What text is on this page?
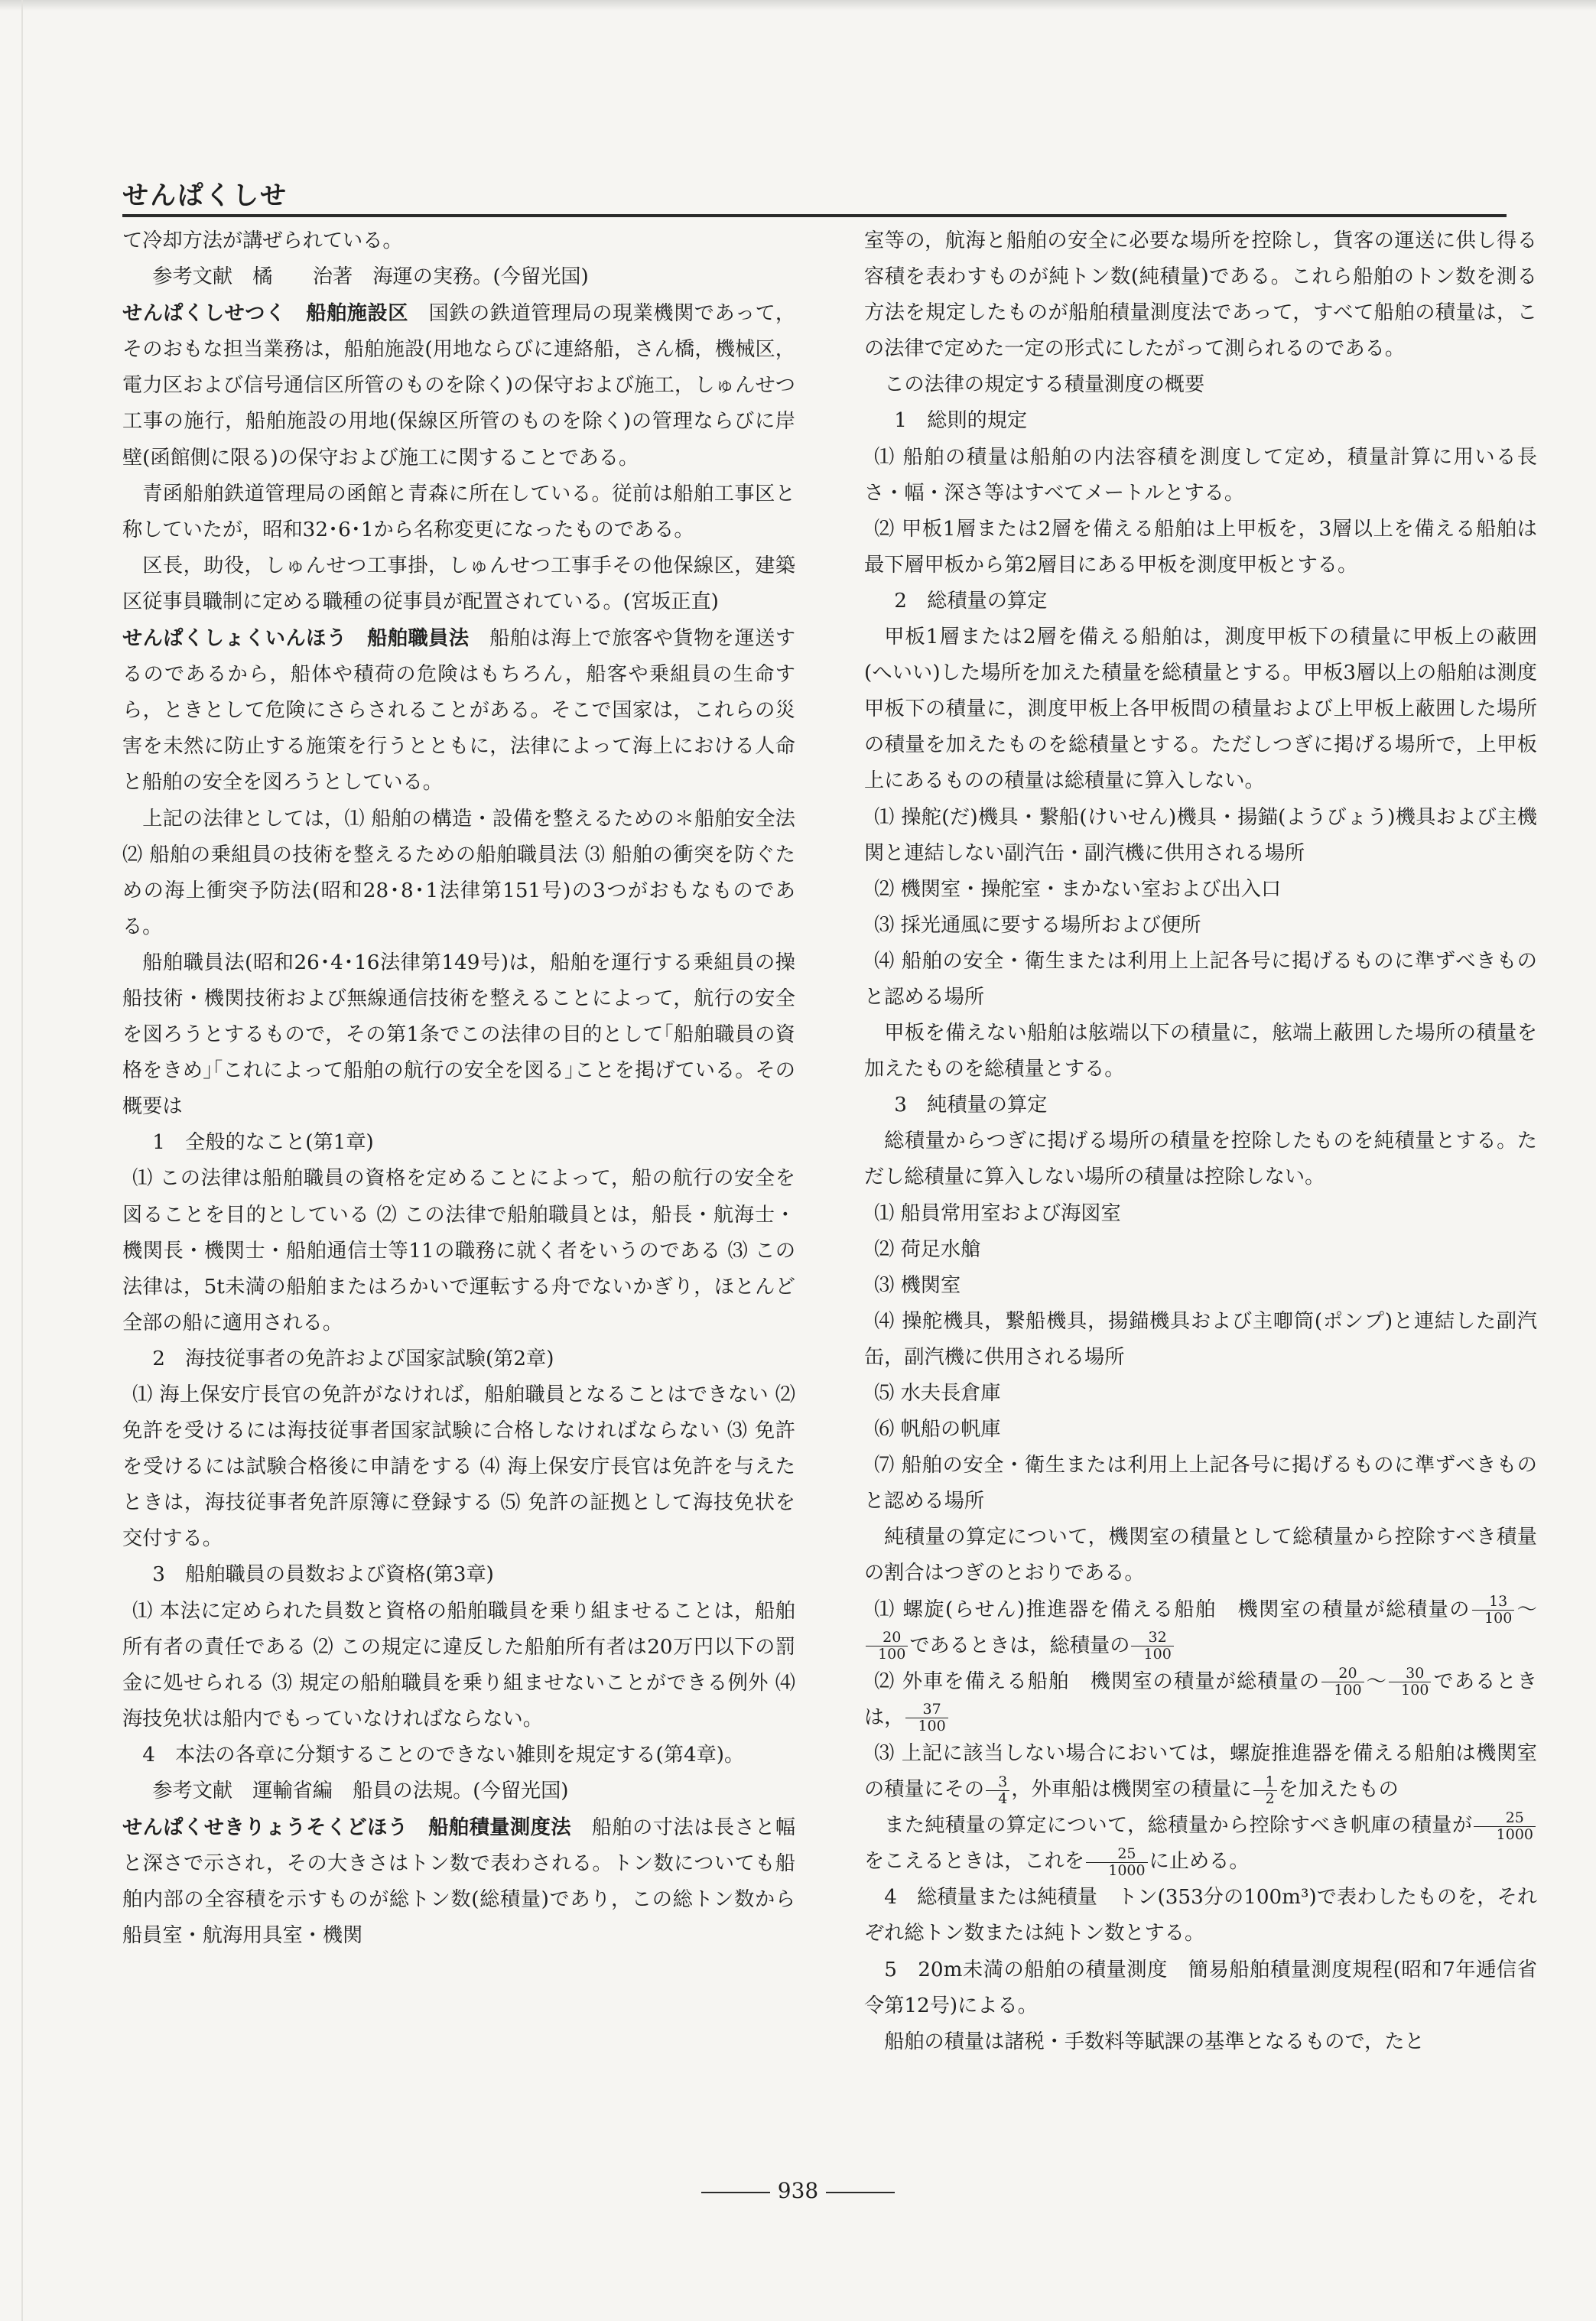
せんぱくしせ

て冷却方法が講ぜられている。

参考文献　橘　　治著　海運の実務。(今留光国)

せんぱくしせつく　 船舶施設区　 国鉄の鉄道管理局の現業機関であって，そのおもな担当業務は，船舶施設(用地ならびに連絡船，さん橋，機械区，電力区および信号通信区所管のものを除く)の保守および施工，しゅんせつ工事の施行，船舶施設の用地(保線区所管のものを除く)の管理ならびに岸壁(函館側に限る)の保守および施工に関することである。

青函船舶鉄道管理局の函館と青森に所在している。従前は船舶工事区と称していたが，昭和32･6･1から名称変更になったものである。

区長，助役，しゅんせつ工事掛，しゅんせつ工事手その他保線区，建築区従事員職制に定める職種の従事員が配置されている。(宮坂正直)

せんぱくしょくいんほう　 船舶職員法　 船舶は海上で旅客や貨物を運送するのであるから，船体や積荷の危険はもちろん，船客や乗組員の生命すら，ときとして危険にさらされることがある。そこで国家は，これらの災害を未然に防止する施策を行うとともに，法律によって海上における人命と船舶の安全を図ろうとしている。

上記の法律としては，⑴ 船舶の構造・設備を整えるための＊船舶安全法 ⑵ 船舶の乗組員の技術を整えるための船舶職員法 ⑶ 船舶の衝突を防ぐための海上衝突予防法(昭和28･8･1法律第151号)の3つがおもなものである。

船舶職員法(昭和26･4･16法律第149号)は，船舶を運行する乗組員の操船技術・機関技術および無線通信技術を整えることによって，航行の安全を図ろうとするもので，その第1条でこの法律の目的として｢船舶職員の資格をきめ｣｢これによって船舶の航行の安全を図る｣ことを掲げている。その概要は

1　全般的なこと(第1章)

⑴ この法律は船舶職員の資格を定めることによって，船の航行の安全を図ることを目的としている ⑵ この法律で船舶職員とは，船長・航海士・機関長・機関士・船舶通信士等11の職務に就く者をいうのである ⑶ この法律は，5t未満の船舶またはろかいで運転する舟でないかぎり，ほとんど全部の船に適用される。

2　海技従事者の免許および国家試験(第2章)

⑴ 海上保安庁長官の免許がなければ，船舶職員となることはできない ⑵ 免許を受けるには海技従事者国家試験に合格しなければならない ⑶ 免許を受けるには試験合格後に申請をする ⑷ 海上保安庁長官は免許を与えたときは，海技従事者免許原簿に登録する ⑸ 免許の証拠として海技免状を交付する。

3　船舶職員の員数および資格(第3章)

⑴ 本法に定められた員数と資格の船舶職員を乗り組ませることは，船舶所有者の責任である ⑵ この規定に違反した船舶所有者は20万円以下の罰金に処せられる ⑶ 規定の船舶職員を乗り組ませないことができる例外 ⑷ 海技免状は船内でもっていなければならない。

4　本法の各章に分類することのできない雑則を規定する(第4章)。

参考文献　運輸省編　船員の法規。(今留光国)

せんぱくせきりょうそくどほう　 船舶積量測度法　 船舶の寸法は長さと幅と深さで示され，その大きさはトン数で表わされる。トン数についても船舶内部の全容積を示すものが総トン数(総積量)であり，この総トン数から船員室・航海用具室・機関

室等の，航海と船舶の安全に必要な場所を控除し，貨客の運送に供し得る容積を表わすものが純トン数(純積量)である。これら船舶のトン数を測る方法を規定したものが船舶積量測度法であって，すべて船舶の積量は，この法律で定めた一定の形式にしたがって測られるのである。

この法律の規定する積量測度の概要

1　総則的規定

⑴ 船舶の積量は船舶の内法容積を測度して定め，積量計算に用いる長さ・幅・深さ等はすべてメートルとする。

⑵ 甲板1層または2層を備える船舶は上甲板を，3層以上を備える船舶は最下層甲板から第2層目にある甲板を測度甲板とする。

2　総積量の算定

甲板1層または2層を備える船舶は，測度甲板下の積量に甲板上の蔽囲(へいい)した場所を加えた積量を総積量とする。甲板3層以上の船舶は測度甲板下の積量に，測度甲板上各甲板間の積量および上甲板上蔽囲した場所の積量を加えたものを総積量とする。ただしつぎに掲げる場所で，上甲板上にあるものの積量は総積量に算入しない。

⑴ 操舵(だ)機具・繋船(けいせん)機具・揚錨(ようびょう)機具および主機関と連結しない副汽缶・副汽機に供用される場所

⑵ 機関室・操舵室・まかない室および出入口

⑶ 採光通風に要する場所および便所

⑷ 船舶の安全・衛生または利用上上記各号に掲げるものに準ずべきものと認める場所

甲板を備えない船舶は舷端以下の積量に，舷端上蔽囲した場所の積量を加えたものを総積量とする。

3　純積量の算定

総積量からつぎに掲げる場所の積量を控除したものを純積量とする。ただし総積量に算入しない場所の積量は控除しない。

⑴ 船員常用室および海図室

⑵ 荷足水艙

⑶ 機関室

⑷ 操舵機具，繋船機具，揚錨機具および主喞筒(ポンプ)と連結した副汽缶，副汽機に供用される場所

⑸ 水夫長倉庫

⑹ 帆船の帆庫

⑺ 船舶の安全・衛生または利用上上記各号に掲げるものに準ずべきものと認める場所

純積量の算定について，機関室の積量として総積量から控除すべき積量の割合はつぎのとおりである。

⑴ 螺旋(らせん)推進器を備える船舶　機関室の積量が総積量の $\frac{13}{100}$ ～
$\frac{20}{100}$ であるときは，総積量の $\frac{32}{100}$

⑵ 外車を備える船舶　機関室の積量が総積量の $\frac{20}{100}$ ～ $\frac{30}{100}$ であるときは， $\frac{37}{100}$

⑶ 上記に該当しない場合においては，螺旋推進器を備える船舶は機関室の積量にその $\frac{3}{4}$ ，外車船は機関室の積量に $\frac{1}{2}$ を加えたもの

また純積量の算定について，総積量から控除すべき帆庫の積量が $\frac{25}{1000}$
をこえるときは，これを $\frac{25}{1000}$ に止める。

4　総積量または純積量　トン(353分の100m³)で表わしたものを，それぞれ総トン数または純トン数とする。

5　20m未満の船舶の積量測度　簡易船舶積量測度規程(昭和7年逓信省令第12号)による。

船舶の積量は諸税・手数料等賦課の基準となるもので，たと

938
